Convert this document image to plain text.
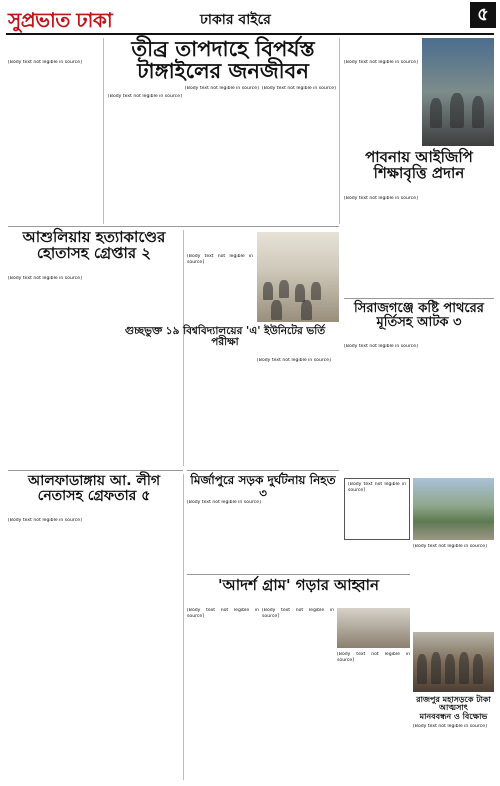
সুপ্রভাত ঢাকা	ঢাকার বাইরে	৫
[Body text not legible in source]
তীব্র তাপদাহে বিপর্যস্ত
টাঙ্গাইলের জনজীবন
[Body text not legible in source]
[Body text not legible in source] [Body text not legible in source]
[Body text not legible in source]
পাবনায় আইজিপি
শিক্ষাবৃত্তি প্রদান
[Body text not legible in source]
আশুলিয়ায় হত্যাকাণ্ডের
হোতাসহ গ্রেপ্তার ২
[Body text not legible in source]
[Body text not legible in source]
গুচ্ছভুক্ত ১৯ বিশ্ববিদ্যালয়ের 'এ' ইউনিটের ভর্তি পরীক্ষা
[Body text not legible in source]
সিরাজগঞ্জে কষ্টি পাথরের
মূর্তিসহ আটক ৩
[Body text not legible in source]
[Body text not legible in source]
মির্জাপুরে সড়ক দুর্ঘটনায় নিহত ৩
[Body text not legible in source]
আলফাডাঙ্গায় আ. লীগ
নেতাসহ গ্রেফতার ৫
[Body text not legible in source]
[Body text not legible in source]
'আদর্শ গ্রাম' গড়ার আহ্বান
[Body text not legible in source]
[Body text not legible in source]
[Body text not legible in source]
রাজপুর মহাসড়কে টাকা আত্মসাৎ
মানববন্ধন ও বিক্ষোভ
[Body text not legible in source]
